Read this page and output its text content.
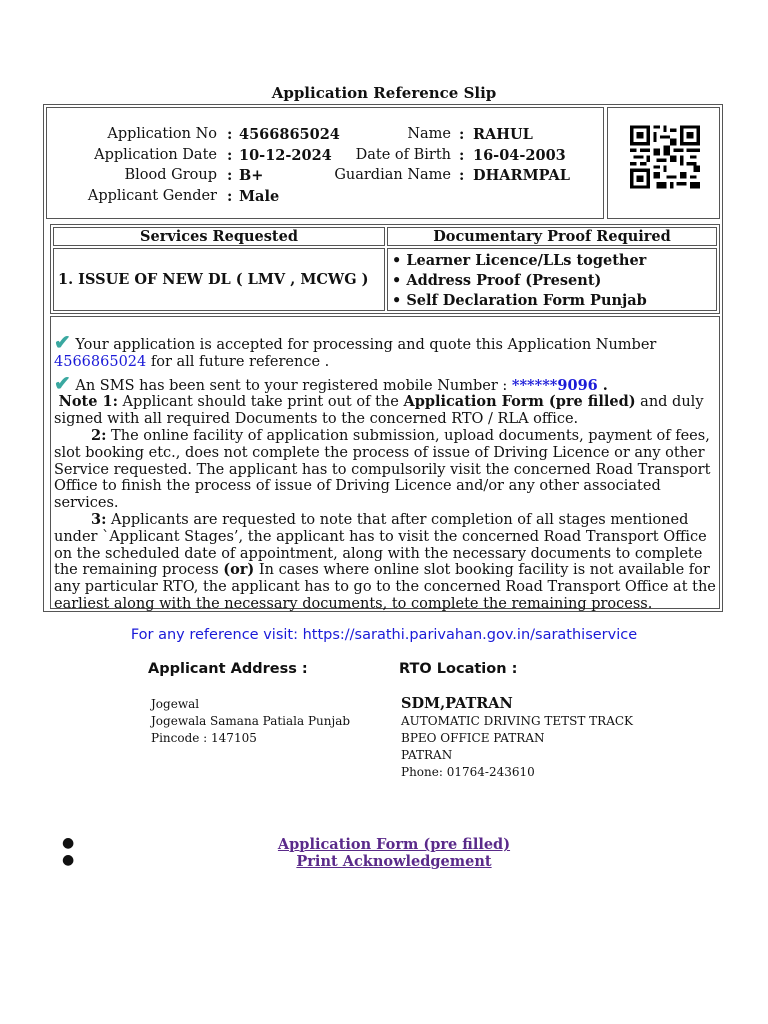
Application Reference Slip
Application No : 4566865024
Application Date : 10-12-2024
Blood Group : B+
Applicant Gender : Male
Name : RAHUL
Date of Birth : 16-04-2003
Guardian Name : DHARMPAL
Services Requested	Documentary Proof Required
1. ISSUE OF NEW DL ( LMV , MCWG )
• Learner Licence/LLs together
• Address Proof (Present)
• Self Declaration Form Punjab
✔ Your application is accepted for processing and quote this Application Number
4566865024 for all future reference .
✔ An SMS has been sent to your registered mobile Number : ******9096 .
Note 1: Applicant should take print out of the Application Form (pre filled) and duly signed with all required Documents to the concerned RTO / RLA office.
2: The online facility of application submission, upload documents, payment of fees, slot booking etc., does not complete the process of issue of Driving Licence or any other Service requested. The applicant has to compulsorily visit the concerned Road Transport Office to finish the process of issue of Driving Licence and/or any other associated services.
3: Applicants are requested to note that after completion of all stages mentioned under `Applicant Stages’, the applicant has to visit the concerned Road Transport Office on the scheduled date of appointment, along with the necessary documents to complete the remaining process (or) In cases where online slot booking facility is not available for any particular RTO, the applicant has to go to the concerned Road Transport Office at the earliest along with the necessary documents, to complete the remaining process.
For any reference visit: https://sarathi.parivahan.gov.in/sarathiservice
Applicant Address :	RTO Location :
Jogewal
Jogewala Samana Patiala Punjab
Pincode : 147105
SDM,PATRAN
AUTOMATIC DRIVING TETST TRACK
BPEO OFFICE PATRAN
PATRAN
Phone: 01764-243610
●	Application Form (pre filled)
●	Print Acknowledgement
